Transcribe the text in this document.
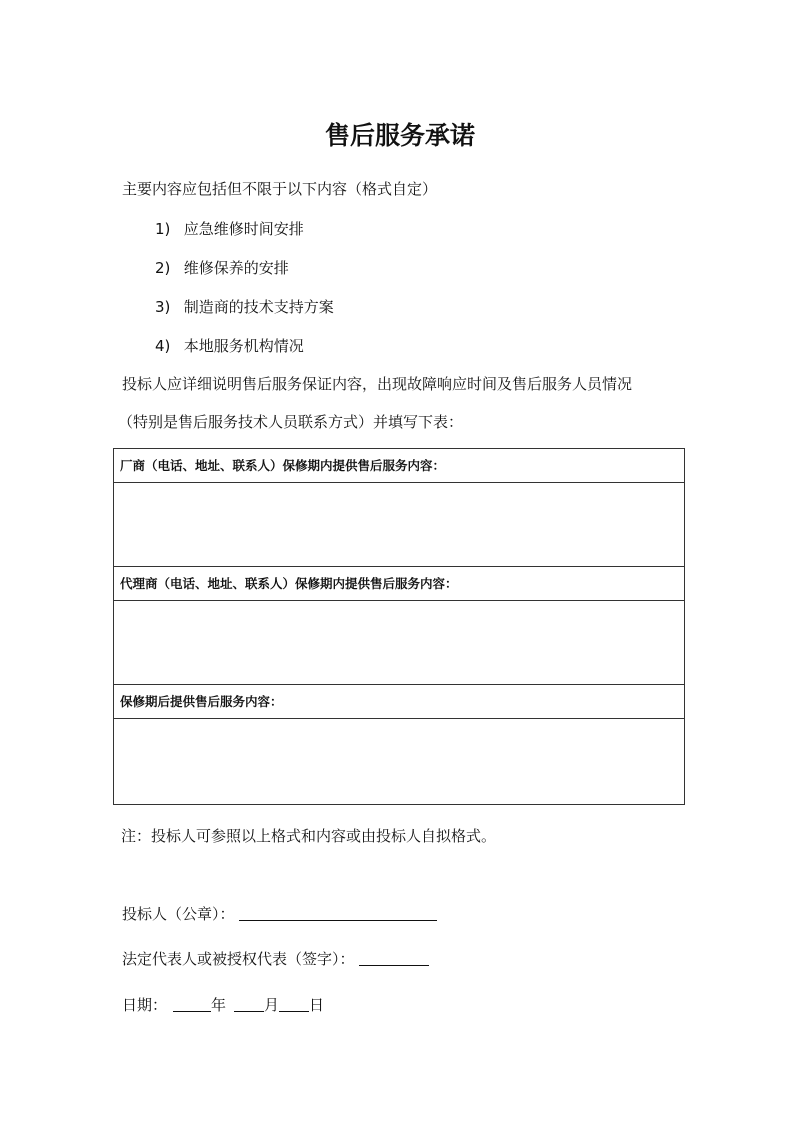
售后服务承诺
主要内容应包括但不限于以下内容（格式自定）
1) 应急维修时间安排
2) 维修保养的安排
3) 制造商的技术支持方案
4) 本地服务机构情况
投标人应详细说明售后服务保证内容，出现故障响应时间及售后服务人员情况
（特别是售后服务技术人员联系方式）并填写下表：
厂商（电话、地址、联系人）保修期内提供售后服务内容：
代理商（电话、地址、联系人）保修期内提供售后服务内容：
保修期后提供售后服务内容：
注：投标人可参照以上格式和内容或由投标人自拟格式。
投标人（公章）：
法定代表人或被授权代表（签字）：
日期：	年	月 日
